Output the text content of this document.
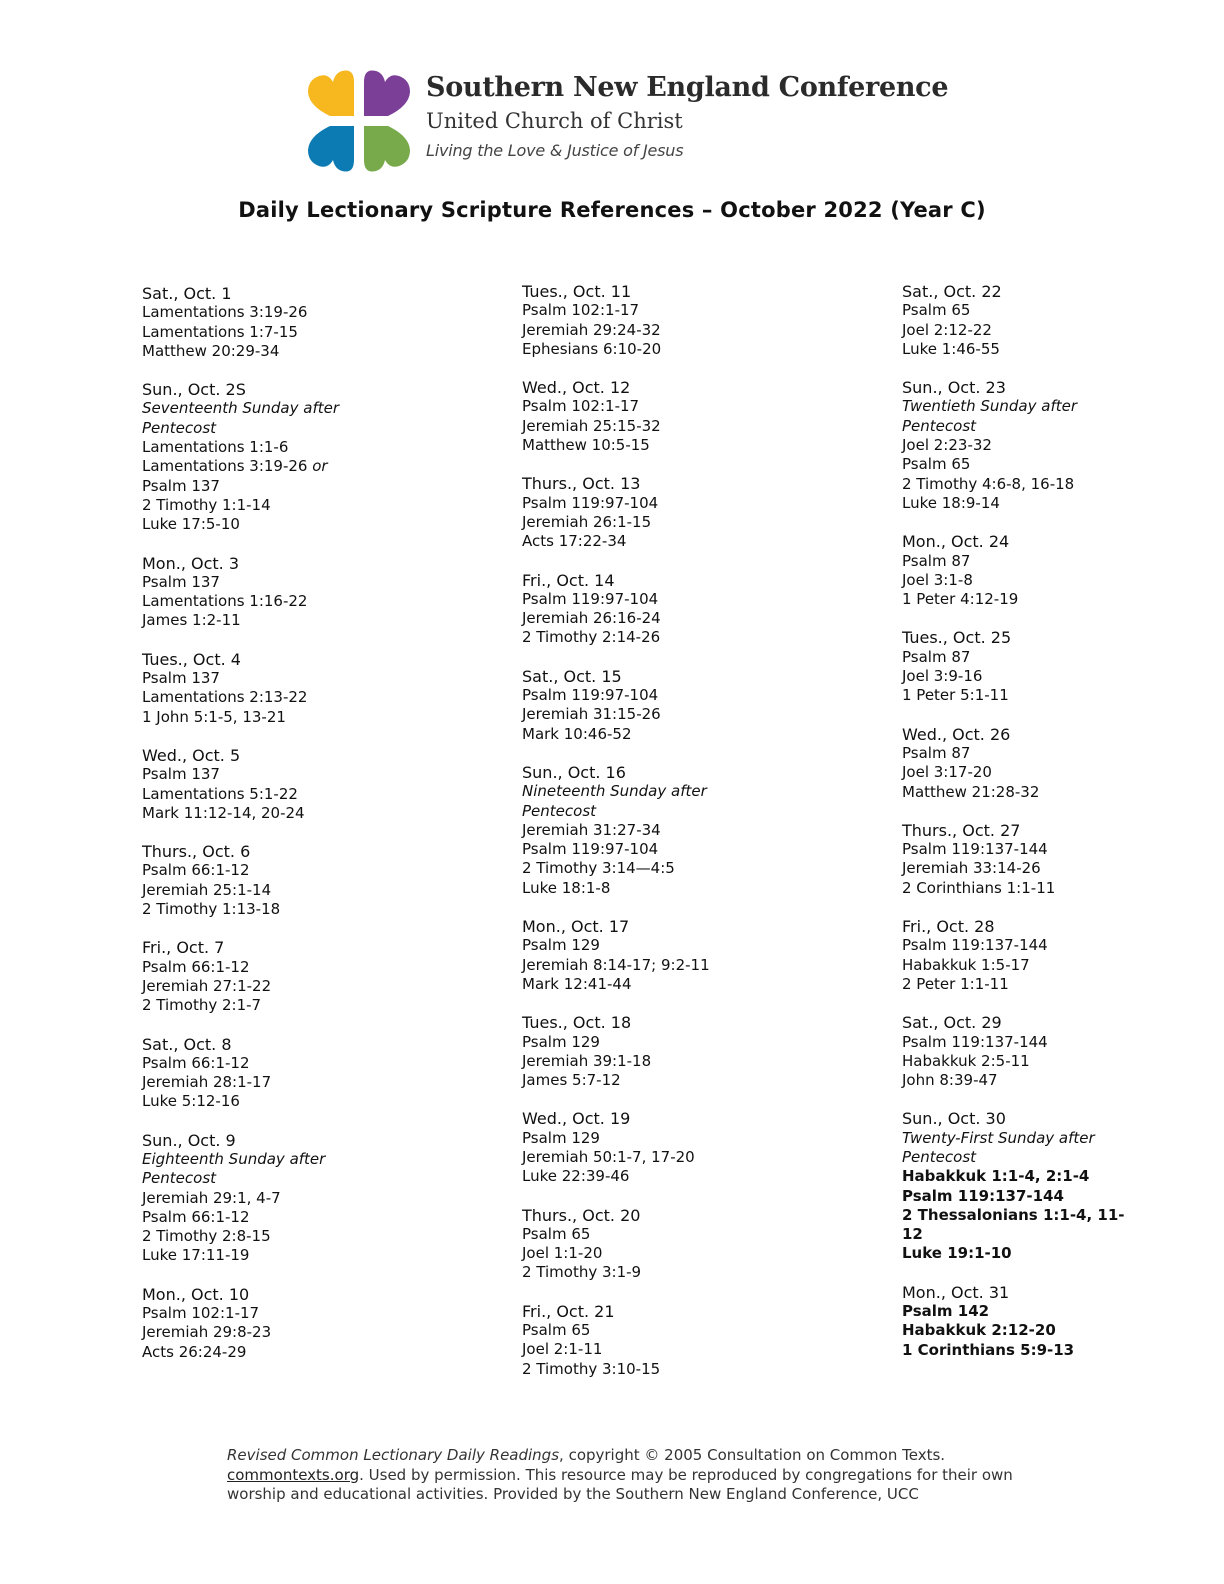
Southern New England Conference
United Church of Christ
Living the Love & Justice of Jesus
Daily Lectionary Scripture References – October 2022 (Year C)
Sat., Oct. 1
Lamentations 3:19-26
Lamentations 1:7-15
Matthew 20:29-34
Sun., Oct. 2S
Seventeenth Sunday after Pentecost
Lamentations 1:1-6
Lamentations 3:19-26 or
Psalm 137
2 Timothy 1:1-14
Luke 17:5-10
Mon., Oct. 3
Psalm 137
Lamentations 1:16-22
James 1:2-11
Tues., Oct. 4
Psalm 137
Lamentations 2:13-22
1 John 5:1-5, 13-21
Wed., Oct. 5
Psalm 137
Lamentations 5:1-22
Mark 11:12-14, 20-24
Thurs., Oct. 6
Psalm 66:1-12
Jeremiah 25:1-14
2 Timothy 1:13-18
Fri., Oct. 7
Psalm 66:1-12
Jeremiah 27:1-22
2 Timothy 2:1-7
Sat., Oct. 8
Psalm 66:1-12
Jeremiah 28:1-17
Luke 5:12-16
Sun., Oct. 9
Eighteenth Sunday after Pentecost
Jeremiah 29:1, 4-7
Psalm 66:1-12
2 Timothy 2:8-15
Luke 17:11-19
Mon., Oct. 10
Psalm 102:1-17
Jeremiah 29:8-23
Acts 26:24-29
Tues., Oct. 11
Psalm 102:1-17
Jeremiah 29:24-32
Ephesians 6:10-20
Wed., Oct. 12
Psalm 102:1-17
Jeremiah 25:15-32
Matthew 10:5-15
Thurs., Oct. 13
Psalm 119:97-104
Jeremiah 26:1-15
Acts 17:22-34
Fri., Oct. 14
Psalm 119:97-104
Jeremiah 26:16-24
2 Timothy 2:14-26
Sat., Oct. 15
Psalm 119:97-104
Jeremiah 31:15-26
Mark 10:46-52
Sun., Oct. 16
Nineteenth Sunday after Pentecost
Jeremiah 31:27-34
Psalm 119:97-104
2 Timothy 3:14—4:5
Luke 18:1-8
Mon., Oct. 17
Psalm 129
Jeremiah 8:14-17; 9:2-11
Mark 12:41-44
Tues., Oct. 18
Psalm 129
Jeremiah 39:1-18
James 5:7-12
Wed., Oct. 19
Psalm 129
Jeremiah 50:1-7, 17-20
Luke 22:39-46
Thurs., Oct. 20
Psalm 65
Joel 1:1-20
2 Timothy 3:1-9
Fri., Oct. 21
Psalm 65
Joel 2:1-11
2 Timothy 3:10-15
Sat., Oct. 22
Psalm 65
Joel 2:12-22
Luke 1:46-55
Sun., Oct. 23
Twentieth Sunday after Pentecost
Joel 2:23-32
Psalm 65
2 Timothy 4:6-8, 16-18
Luke 18:9-14
Mon., Oct. 24
Psalm 87
Joel 3:1-8
1 Peter 4:12-19
Tues., Oct. 25
Psalm 87
Joel 3:9-16
1 Peter 5:1-11
Wed., Oct. 26
Psalm 87
Joel 3:17-20
Matthew 21:28-32
Thurs., Oct. 27
Psalm 119:137-144
Jeremiah 33:14-26
2 Corinthians 1:1-11
Fri., Oct. 28
Psalm 119:137-144
Habakkuk 1:5-17
2 Peter 1:1-11
Sat., Oct. 29
Psalm 119:137-144
Habakkuk 2:5-11
John 8:39-47
Sun., Oct. 30
Twenty-First Sunday after Pentecost
Habakkuk 1:1-4, 2:1-4
Psalm 119:137-144
2 Thessalonians 1:1-4, 11-12
Luke 19:1-10
Mon., Oct. 31
Psalm 142
Habakkuk 2:12-20
1 Corinthians 5:9-13
Revised Common Lectionary Daily Readings, copyright © 2005 Consultation on Common Texts.
commontexts.org. Used by permission. This resource may be reproduced by congregations for their own worship and educational activities. Provided by the Southern New England Conference, UCC
